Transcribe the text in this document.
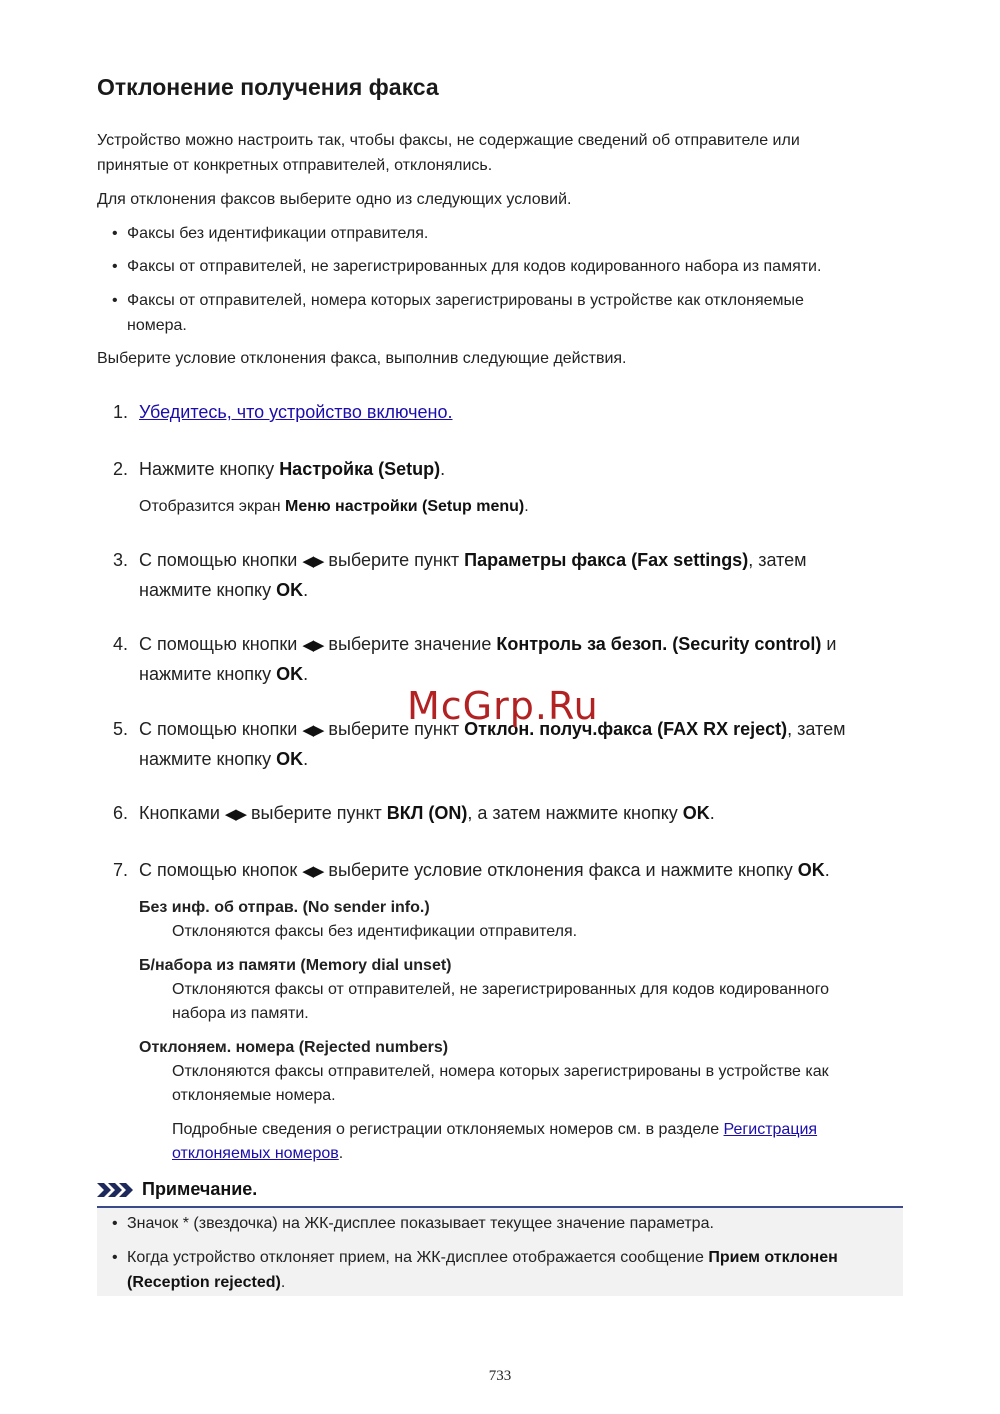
Отклонение получения факса

Устройство можно настроить так, чтобы факсы, не содержащие сведений об отправителе или
принятые от конкретных отправителей, отклонялись.

Для отклонения факсов выберите одно из следующих условий.

• Факсы без идентификации отправителя.
• Факсы от отправителей, не зарегистрированных для кодов кодированного набора из памяти.
• Факсы от отправителей, номера которых зарегистрированы в устройстве как отклоняемые
номера.

Выберите условие отклонения факса, выполнив следующие действия.

1. Убедитесь, что устройство включено.
2. Нажмите кнопку Настройка (Setup).
Отобразится экран Меню настройки (Setup menu).
3. С помощью кнопки ◀▶ выберите пункт Параметры факса (Fax settings), затем
нажмите кнопку OK.
4. С помощью кнопки ◀▶ выберите значение Контроль за безоп. (Security control) и
нажмите кнопку OK.
5. С помощью кнопки ◀▶ выберите пункт Отклон. получ.факса (FAX RX reject), затем
нажмите кнопку OK.
6. Кнопками ◀▶ выберите пункт ВКЛ (ON), а затем нажмите кнопку OK.
7. С помощью кнопок ◀▶ выберите условие отклонения факса и нажмите кнопку OK.
Без инф. об отправ. (No sender info.)
Отклоняются факсы без идентификации отправителя.
Б/набора из памяти (Memory dial unset)
Отклоняются факсы от отправителей, не зарегистрированных для кодов кодированного
набора из памяти.
Отклоняем. номера (Rejected numbers)
Отклоняются факсы отправителей, номера которых зарегистрированы в устройстве как
отклоняемые номера.
Подробные сведения о регистрации отклоняемых номеров см. в разделе Регистрация
отклоняемых номеров.
McGrp.Ru
Примечание.
• Значок * (звездочка) на ЖК-дисплее показывает текущее значение параметра.
• Когда устройство отклоняет прием, на ЖК-дисплее отображается сообщение Прием отклонен
(Reception rejected).
733
